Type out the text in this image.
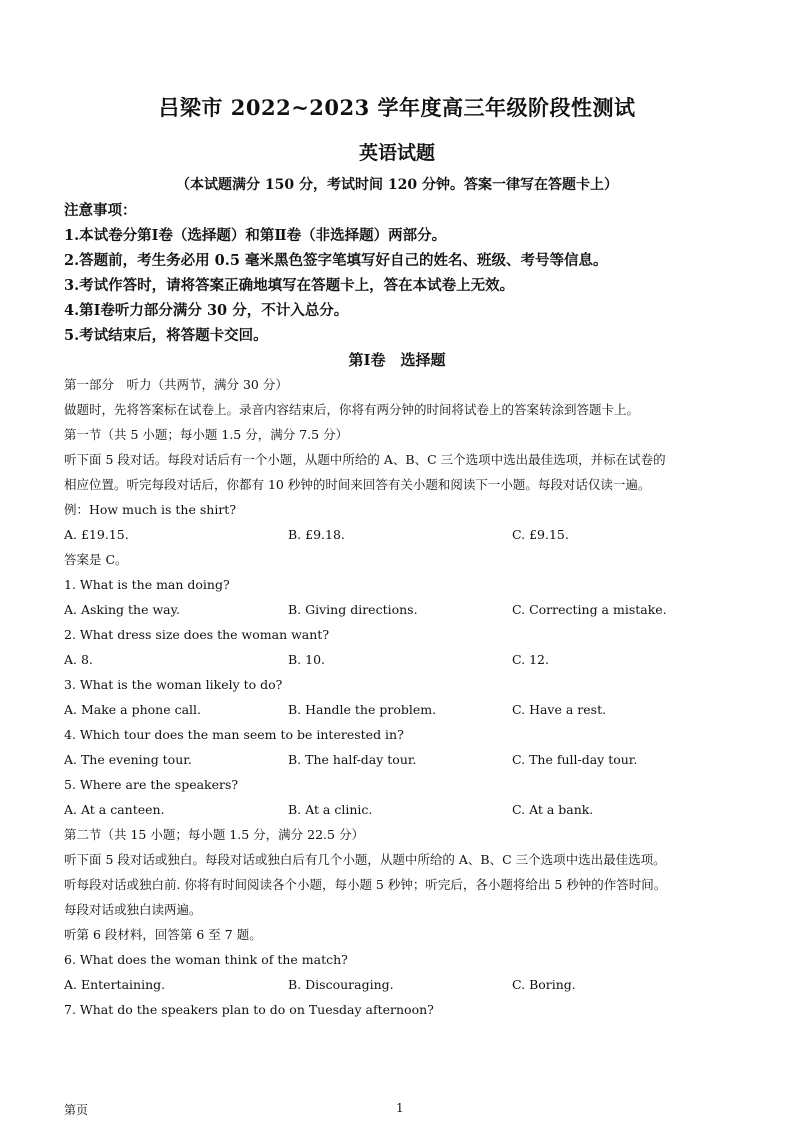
吕梁市 2022~2023 学年度高三年级阶段性测试
英语试题
（本试题满分 150 分，考试时间 120 分钟。答案一律写在答题卡上）
注意事项：
1.本试卷分第Ⅰ卷（选择题）和第Ⅱ卷（非选择题）两部分。
2.答题前，考生务必用 0.5 毫米黑色签字笔填写好自己的姓名、班级、考号等信息。
3.考试作答时，请将答案正确地填写在答题卡上，答在本试卷上无效。
4.第Ⅰ卷听力部分满分 30 分，不计入总分。
5.考试结束后，将答题卡交回。
第Ⅰ卷　选择题
第一部分　听力（共两节，满分 30 分）
做题时，先将答案标在试卷上。录音内容结束后，你将有两分钟的时间将试卷上的答案转涂到答题卡上。
第一节（共 5 小题；每小题 1.5 分，满分 7.5 分）
听下面 5 段对话。每段对话后有一个小题，从题中所给的 A、B、C 三个选项中选出最佳选项，并标在试卷的
相应位置。听完每段对话后，你都有 10 秒钟的时间来回答有关小题和阅读下一小题。每段对话仅读一遍。
例：How much is the shirt?
A. £19.15.	B. £9.18.	C. £9.15.
答案是 C。
1. What is the man doing?
A. Asking the way.	B. Giving directions.	C. Correcting a mistake.
2. What dress size does the woman want?
A. 8.	B. 10.	C. 12.
3. What is the woman likely to do?
A. Make a phone call.	B. Handle the problem.	C. Have a rest.
4. Which tour does the man seem to be interested in?
A. The evening tour.	B. The half-day tour.	C. The full-day tour.
5. Where are the speakers?
A. At a canteen.	B. At a clinic.	C. At a bank.
第二节（共 15 小题；每小题 1.5 分，满分 22.5 分）
听下面 5 段对话或独白。每段对话或独白后有几个小题，从题中所给的 A、B、C 三个选项中选出最佳选项。
听每段对话或独白前. 你将有时间阅读各个小题，每小题 5 秒钟；听完后，各小题将给出 5 秒钟的作答时间。
每段对话或独白读两遍。
听第 6 段材料，回答第 6 至 7 题。
6. What does the woman think of the match?
A. Entertaining.	B. Discouraging.	C. Boring.
7. What do the speakers plan to do on Tuesday afternoon?
第页	1
